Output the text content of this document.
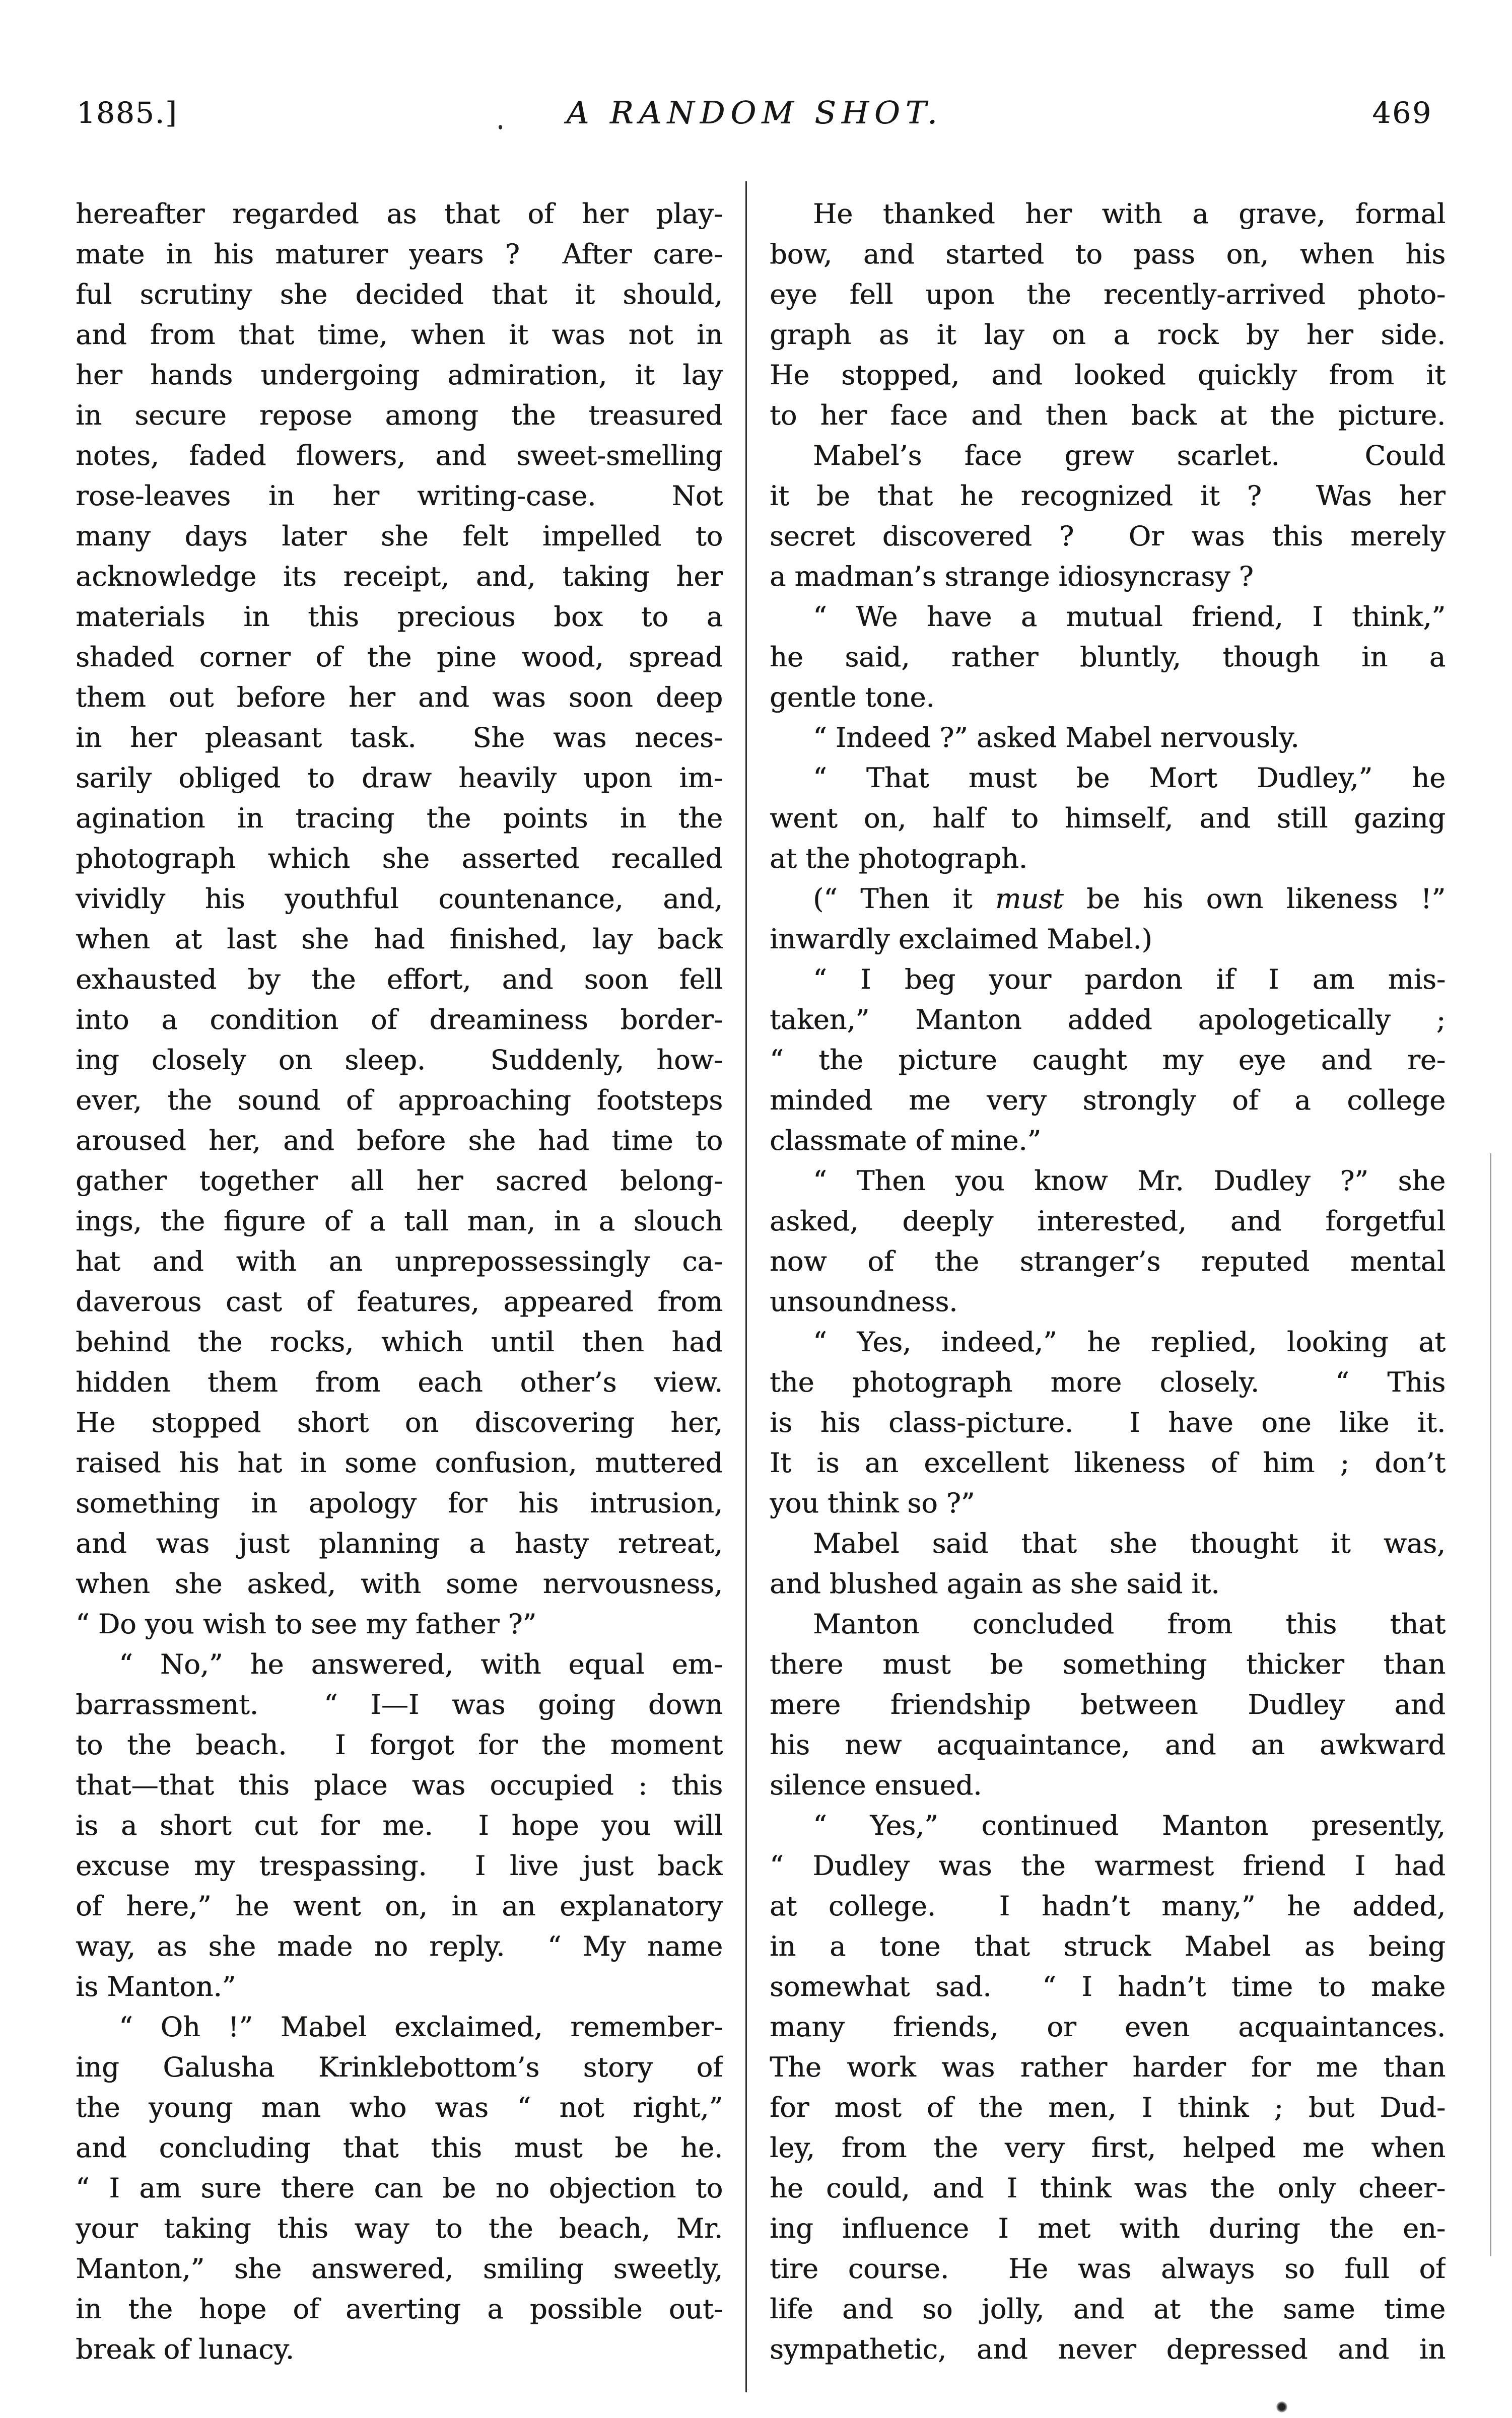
1885.]	A RANDOM SHOT.	469
hereafter regarded as that of her play-
mate in his maturer years ?  After care-
ful scrutiny she decided that it should,
and from that time, when it was not in
her hands undergoing admiration, it lay
in secure repose among the treasured
notes, faded flowers, and sweet-smelling
rose-leaves in her writing-case.  Not
many days later she felt impelled to
acknowledge its receipt, and, taking her
materials in this precious box to a
shaded corner of the pine wood, spread
them out before her and was soon deep
in her pleasant task.  She was neces-
sarily obliged to draw heavily upon im-
agination in tracing the points in the
photograph which she asserted recalled
vividly his youthful countenance, and,
when at last she had finished, lay back
exhausted by the effort, and soon fell
into a condition of dreaminess border-
ing closely on sleep.  Suddenly, how-
ever, the sound of approaching footsteps
aroused her, and before she had time to
gather together all her sacred belong-
ings, the figure of a tall man, in a slouch
hat and with an unprepossessingly ca-
daverous cast of features, appeared from
behind the rocks, which until then had
hidden them from each other’s view.
He stopped short on discovering her,
raised his hat in some confusion, muttered
something in apology for his intrusion,
and was just planning a hasty retreat,
when she asked, with some nervousness,
“ Do you wish to see my father ?”
“ No,” he answered, with equal em-
barrassment.  “ I—I was going down
to the beach.  I forgot for the moment
that—that this place was occupied : this
is a short cut for me.  I hope you will
excuse my trespassing.  I live just back
of here,” he went on, in an explanatory
way, as she made no reply.  “ My name
is Manton.”
“ Oh !” Mabel exclaimed, remember-
ing Galusha Krinklebottom’s story of
the young man who was “ not right,”
and concluding that this must be he.
“ I am sure there can be no objection to
your taking this way to the beach, Mr.
Manton,” she answered, smiling sweetly,
in the hope of averting a possible out-
break of lunacy.
He thanked her with a grave, formal
bow, and started to pass on, when his
eye fell upon the recently-arrived photo-
graph as it lay on a rock by her side.
He stopped, and looked quickly from it
to her face and then back at the picture.
Mabel’s face grew scarlet.  Could
it be that he recognized it ?  Was her
secret discovered ?  Or was this merely
a madman’s strange idiosyncrasy ?
“ We have a mutual friend, I think,”
he said, rather bluntly, though in a
gentle tone.
“ Indeed ?” asked Mabel nervously.
“ That must be Mort Dudley,” he
went on, half to himself, and still gazing
at the photograph.
(“ Then it must be his own likeness !”
inwardly exclaimed Mabel.)
“ I beg your pardon if I am mis-
taken,” Manton added apologetically ;
“ the picture caught my eye and re-
minded me very strongly of a college
classmate of mine.”
“ Then you know Mr. Dudley ?” she
asked, deeply interested, and forgetful
now of the stranger’s reputed mental
unsoundness.
“ Yes, indeed,” he replied, looking at
the photograph more closely.  “ This
is his class-picture.  I have one like it.
It is an excellent likeness of him ; don’t
you think so ?”
Mabel said that she thought it was,
and blushed again as she said it.
Manton concluded from this that
there must be something thicker than
mere friendship between Dudley and
his new acquaintance, and an awkward
silence ensued.
“ Yes,” continued Manton presently,
“ Dudley was the warmest friend I had
at college.  I hadn’t many,” he added,
in a tone that struck Mabel as being
somewhat sad.  “ I hadn’t time to make
many friends, or even acquaintances.
The work was rather harder for me than
for most of the men, I think ; but Dud-
ley, from the very first, helped me when
he could, and I think was the only cheer-
ing influence I met with during the en-
tire course.  He was always so full of
life and so jolly, and at the same time
sympathetic, and never depressed and in
